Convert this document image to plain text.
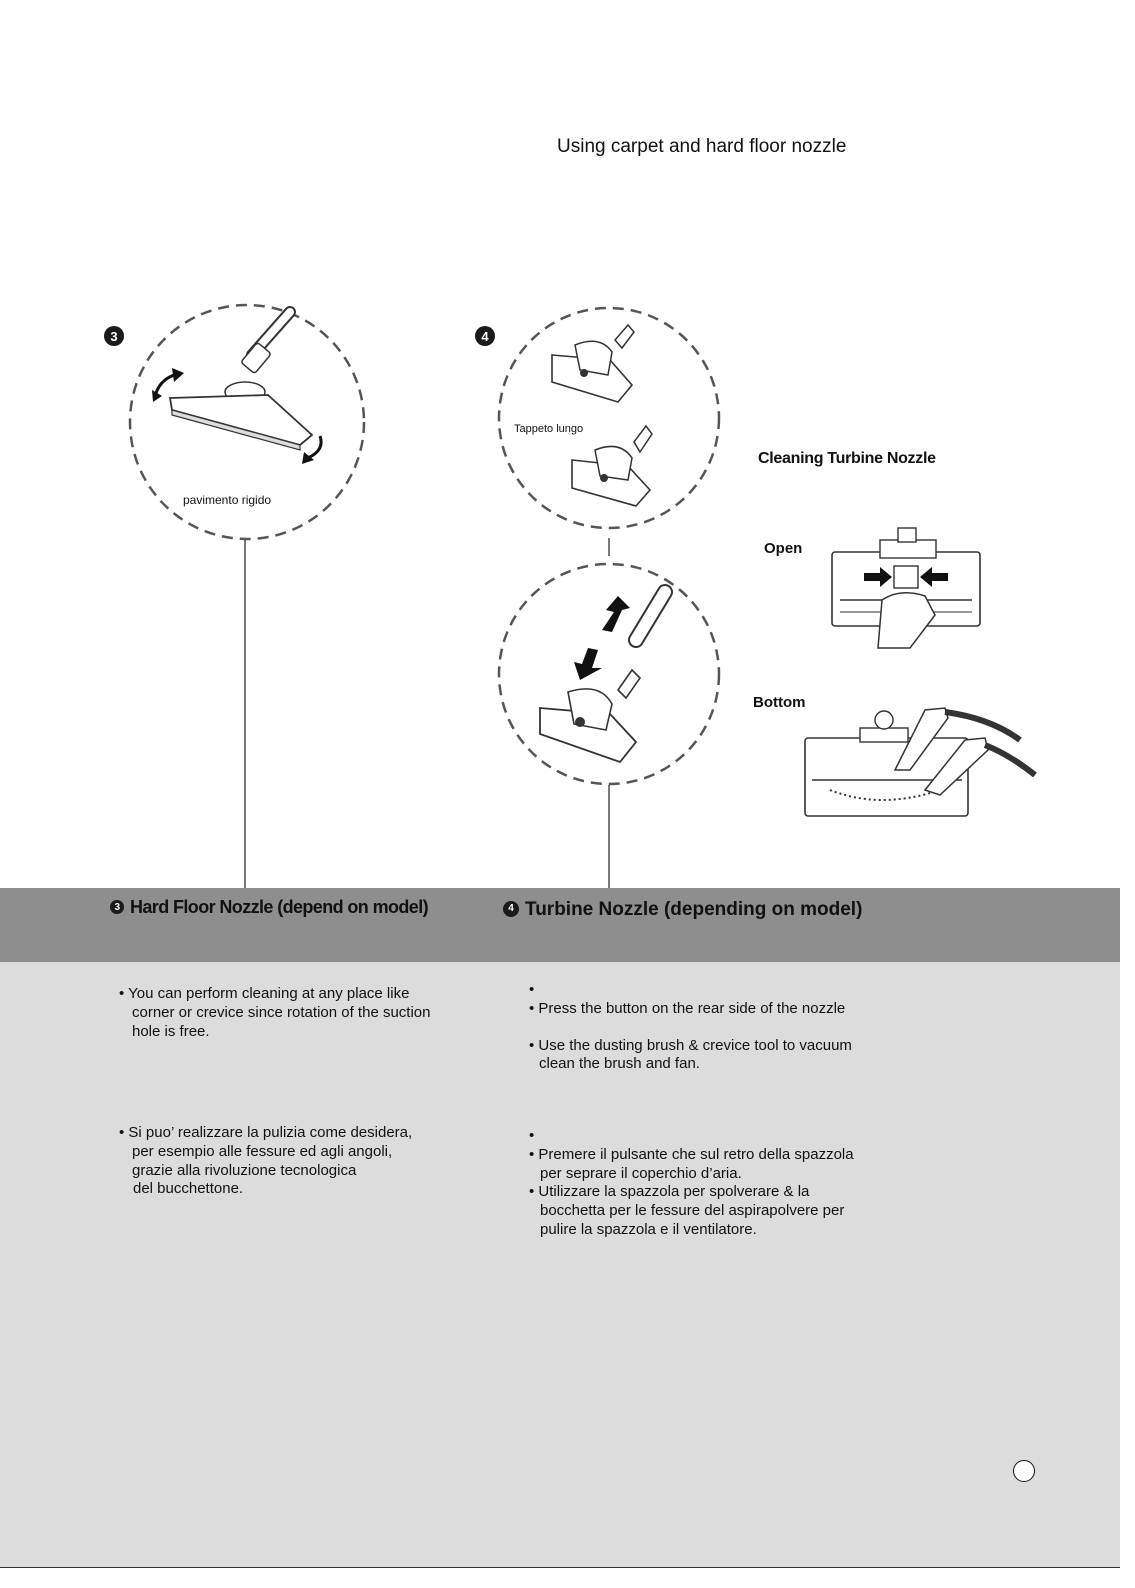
Using carpet and hard floor nozzle
3	4
pavimento rigido
Tappeto lungo
Cleaning Turbine Nozzle
Open
Bottom
3 Hard Floor Nozzle (depend on model)	4 Turbine Nozzle (depending on model)

• You can perform cleaning at any place like

corner or crevice since rotation of the suction

hole is free.

• Si puo’ realizzare la pulizia come desidera,

per esempio alle fessure ed agli angoli,

grazie alla rivoluzione tecnologica

del bucchettone.

•

• Press the button on the rear side of the nozzle

• Use the dusting brush & crevice tool to vacuum

clean the brush and fan.

•

• Premere il pulsante che sul retro della spazzola

per seprare il coperchio d’aria.

• Utilizzare la spazzola per spolverare & la

bocchetta per le fessure del aspirapolvere per

pulire la spazzola e il ventilatore.
